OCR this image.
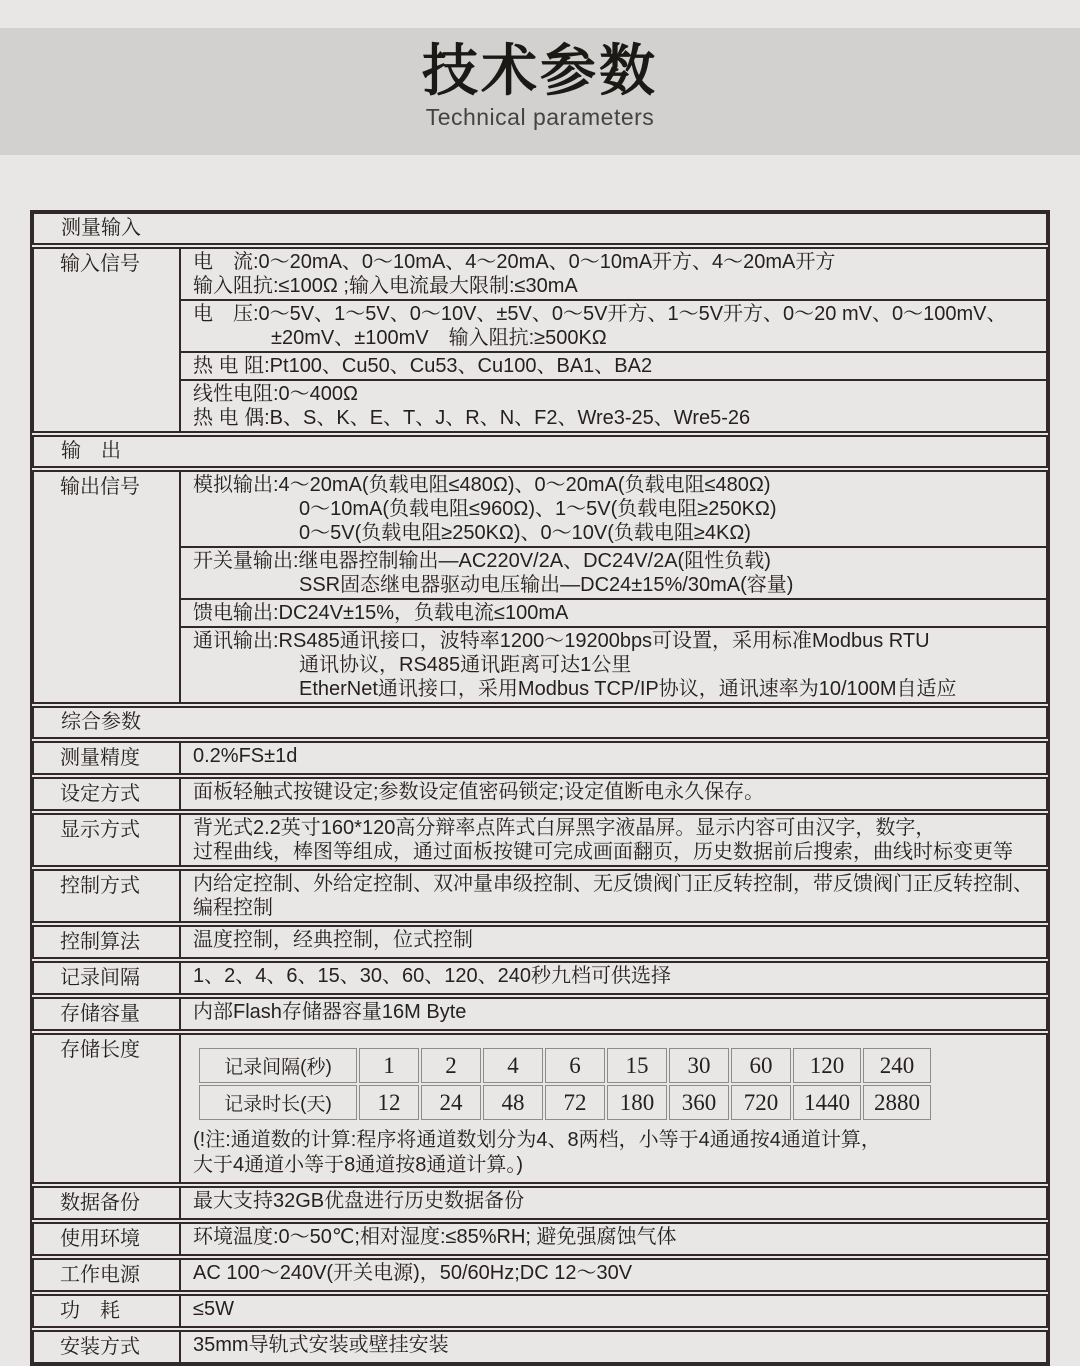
技术参数
Technical parameters
测量输入
输入信号	电　流:0～20mA、0～10mA、4～20mA、0～10mA开方、4～20mA开方
输入阻抗:≤100Ω ;输入电流最大限制:≤30mA
电　压:0～5V、1～5V、0～10V、±5V、0～5V开方、1～5V开方、0～20 mV、0～100mV、
±20mV、±100mV　输入阻抗:≥500KΩ
热 电 阻:Pt100、Cu50、Cu53、Cu100、BA1、BA2
线性电阻:0～400Ω
热 电 偶:B、S、K、E、T、J、R、N、F2、Wre3-25、Wre5-26
输　出
输出信号	模拟输出:4～20mA(负载电阻≤480Ω)、0～20mA(负载电阻≤480Ω)
0～10mA(负载电阻≤960Ω)、1～5V(负载电阻≥250KΩ)
0～5V(负载电阻≥250KΩ)、0～10V(负载电阻≥4KΩ)
开关量输出:继电器控制输出—AC220V/2A、DC24V/2A(阻性负载)
SSR固态继电器驱动电压输出—DC24±15%/30mA(容量)
馈电输出:DC24V±15%，负载电流≤100mA
通讯输出:RS485通讯接口，波特率1200～19200bps可设置，采用标准Modbus RTU
通讯协议，RS485通讯距离可达1公里
EtherNet通讯接口，采用Modbus TCP/IP协议，通讯速率为10/100M自适应
综合参数
测量精度	0.2%FS±1d
设定方式	面板轻触式按键设定;参数设定值密码锁定;设定值断电永久保存。
显示方式	背光式2.2英寸160*120高分辩率点阵式白屏黑字液晶屏。显示内容可由汉字，数字，
过程曲线，棒图等组成，通过面板按键可完成画面翻页，历史数据前后搜索，曲线时标变更等
控制方式	内给定控制、外给定控制、双冲量串级控制、无反馈阀门正反转控制，带反馈阀门正反转控制、
编程控制
控制算法	温度控制，经典控制，位式控制
记录间隔	1、2、4、6、15、30、60、120、240秒九档可供选择
存储容量	内部Flash存储器容量16M Byte
存储长度
记录间隔(秒)	1	2	4	6	15	30	60	120	240
记录时长(天)	12	24	48	72	180	360	720	1440	2880
(!注:通道数的计算:程序将通道数划分为4、8两档，小等于4通通按4通道计算，
大于4通道小等于8通道按8通道计算。)
数据备份	最大支持32GB优盘进行历史数据备份
使用环境	环境温度:0～50℃;相对湿度:≤85%RH; 避免强腐蚀气体
工作电源	AC 100～240V(开关电源)，50/60Hz;DC 12～30V
功　耗	≤5W
安装方式	35mm导轨式安装或壁挂安装
